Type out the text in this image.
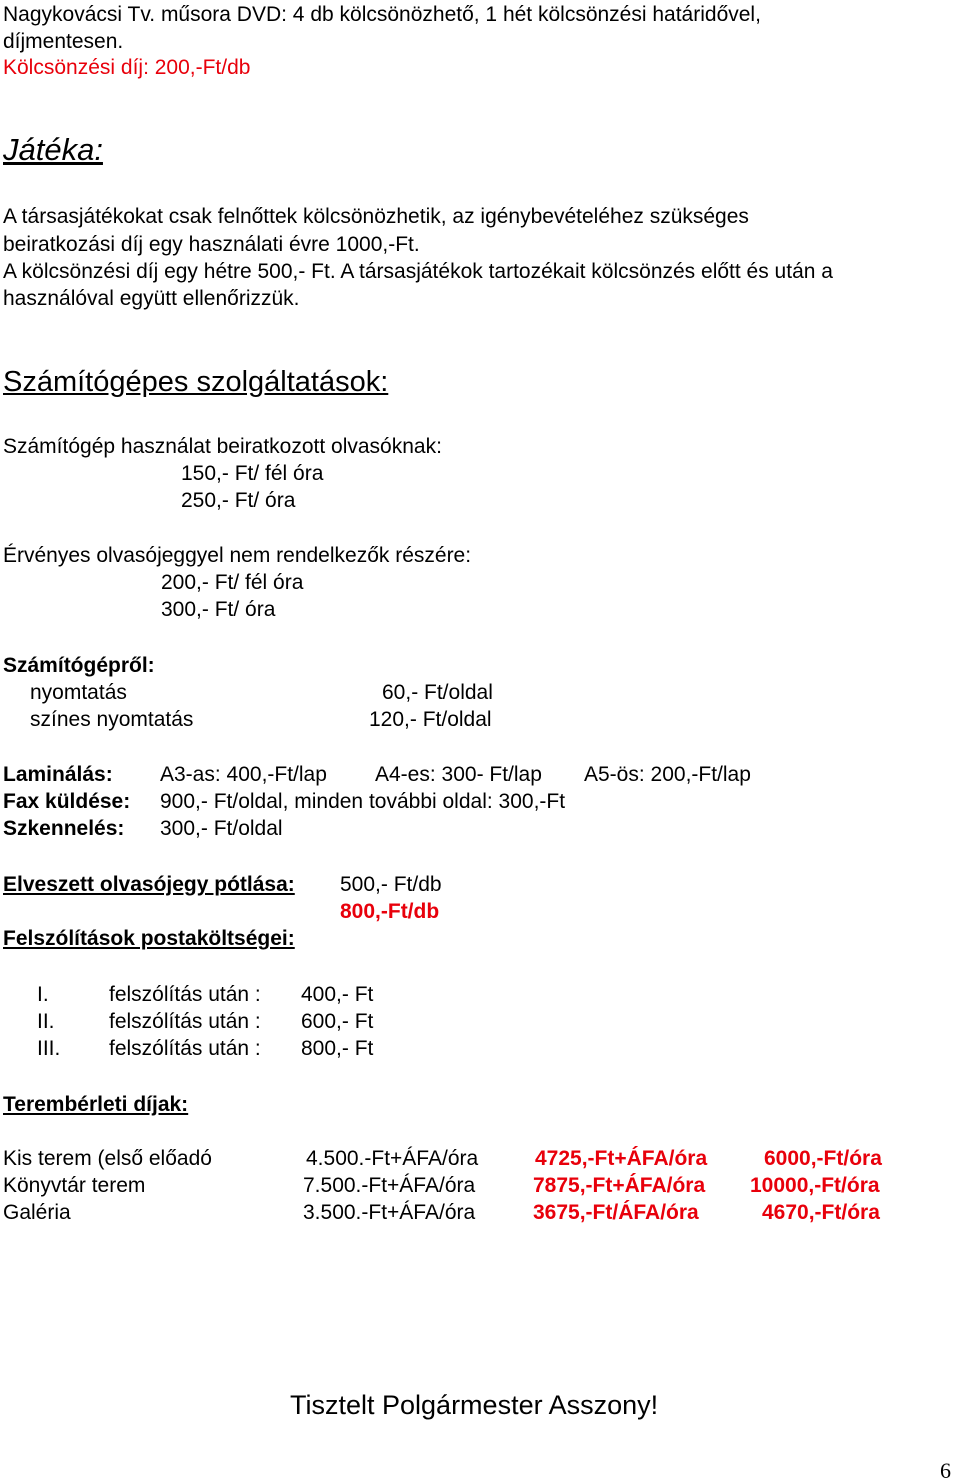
Nagykovácsi Tv. műsora DVD: 4 db kölcsönözhető, 1 hét kölcsönzési határidővel,
díjmentesen.
Kölcsönzési díj: 200,-Ft/db
Játéka:
A társasjátékokat csak felnőttek kölcsönözhetik, az igénybevételéhez szükséges
beiratkozási díj egy használati évre 1000,-Ft.
A kölcsönzési díj egy hétre 500,- Ft. A társasjátékok tartozékait kölcsönzés előtt és után a
használóval együtt ellenőrizzük.
Számítógépes szolgáltatások:
Számítógép használat beiratkozott olvasóknak:
150,- Ft/ fél óra
250,- Ft/ óra
Érvényes olvasójeggyel nem rendelkezők részére:
200,- Ft/ fél óra
300,- Ft/ óra
Számítógépről:
nyomtatás	60,- Ft/oldal
színes nyomtatás	120,- Ft/oldal
Laminálás: A3-as: 400,-Ft/lap A4-es: 300- Ft/lap A5-ös: 200,-Ft/lap
Fax küldése: 900,- Ft/oldal, minden további oldal: 300,-Ft
Szkennelés: 300,- Ft/oldal
Elveszett olvasójegy pótlása: 500,- Ft/db
800,-Ft/db
Felszólítások postaköltségei:
I.	felszólítás után : 400,- Ft
II.	felszólítás után : 600,- Ft
III. felszólítás után : 800,- Ft
Terembérleti díjak:
Kis terem (első előadó	4.500.-Ft+ÁFA/óra	4725,-Ft+ÁFA/óra	6000,-Ft/óra
Könyvtár terem	7.500.-Ft+ÁFA/óra	7875,-Ft+ÁFA/óra 10000,-Ft/óra
Galéria	3.500.-Ft+ÁFA/óra	3675,-Ft/ÁFA/óra	4670,-Ft/óra
Tisztelt Polgármester Asszony!
6
